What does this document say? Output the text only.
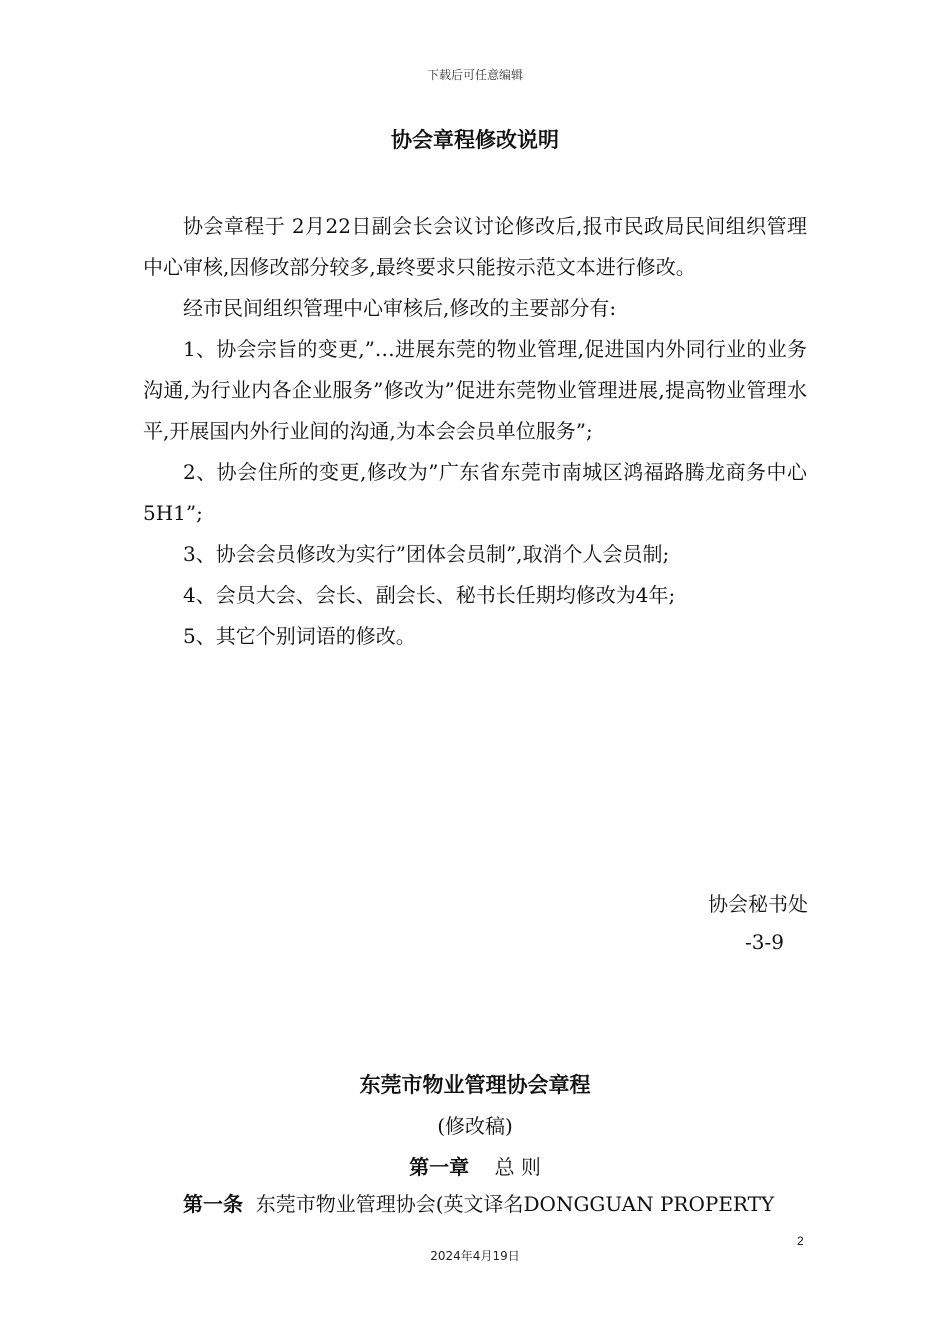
下载后可任意编辑
协会章程修改说明

协会章程于 2月22日副会长会议讨论修改后,报市民政局民间组织管理中心审核,因修改部分较多,最终要求只能按示范文本进行修改。

经市民间组织管理中心审核后,修改的主要部分有:

1、协会宗旨的变更,”…进展东莞的物业管理,促进国内外同行业的业务沟通,为行业内各企业服务”修改为”促进东莞物业管理进展,提高物业管理水平,开展国内外行业间的沟通,为本会会员单位服务”;

2、协会住所的变更,修改为”广东省东莞市南城区鸿福路腾龙商务中心5H1”;

3、协会会员修改为实行”团体会员制”,取消个人会员制;

4、会员大会、会长、副会长、秘书长任期均修改为4年;

5、其它个别词语的修改。

协会秘书处
-3-9
东莞市物业管理协会章程
(修改稿)
第一章 总 则
第一条 东莞市物业管理协会(英文译名DONGGUAN PROPERTY
2
2024年4月19日
